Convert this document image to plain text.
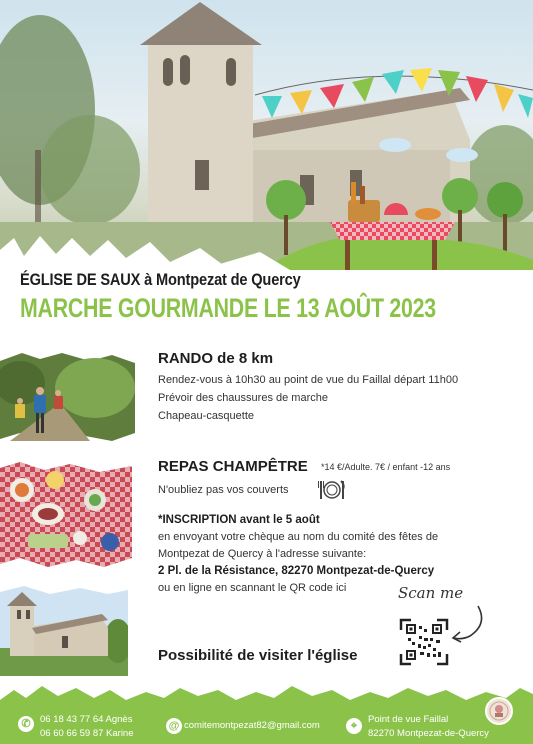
ÉGLISE DE SAUX à Montpezat de Quercy
MARCHE GOURMANDE LE 13 AOÛT 2023
RANDO de 8 km
Rendez-vous à 10h30 au point de vue du Faillal départ 11h00
Prévoir des chaussures de marche
Chapeau-casquette
REPAS CHAMPÊTRE *14 €/Adulte. 7€ / enfant -12 ans
N'oubliez pas vos couverts
*INSCRIPTION avant le 5 août
en envoyant votre chèque au nom du comité des fêtes de
Montpezat de Quercy à l'adresse suivante:
2 Pl. de la Résistance, 82270 Montpezat-de-Quercy
ou en ligne en scannant le QR code ici	Scan me
Possibilité de visiter l'église
✆ 06 18 43 77 64 Agnès
06 60 66 59 87 Karine
@ comitemontpezat82@gmail.com	⌖
Point de vue Faillal
82270 Montpezat-de-Quercy
